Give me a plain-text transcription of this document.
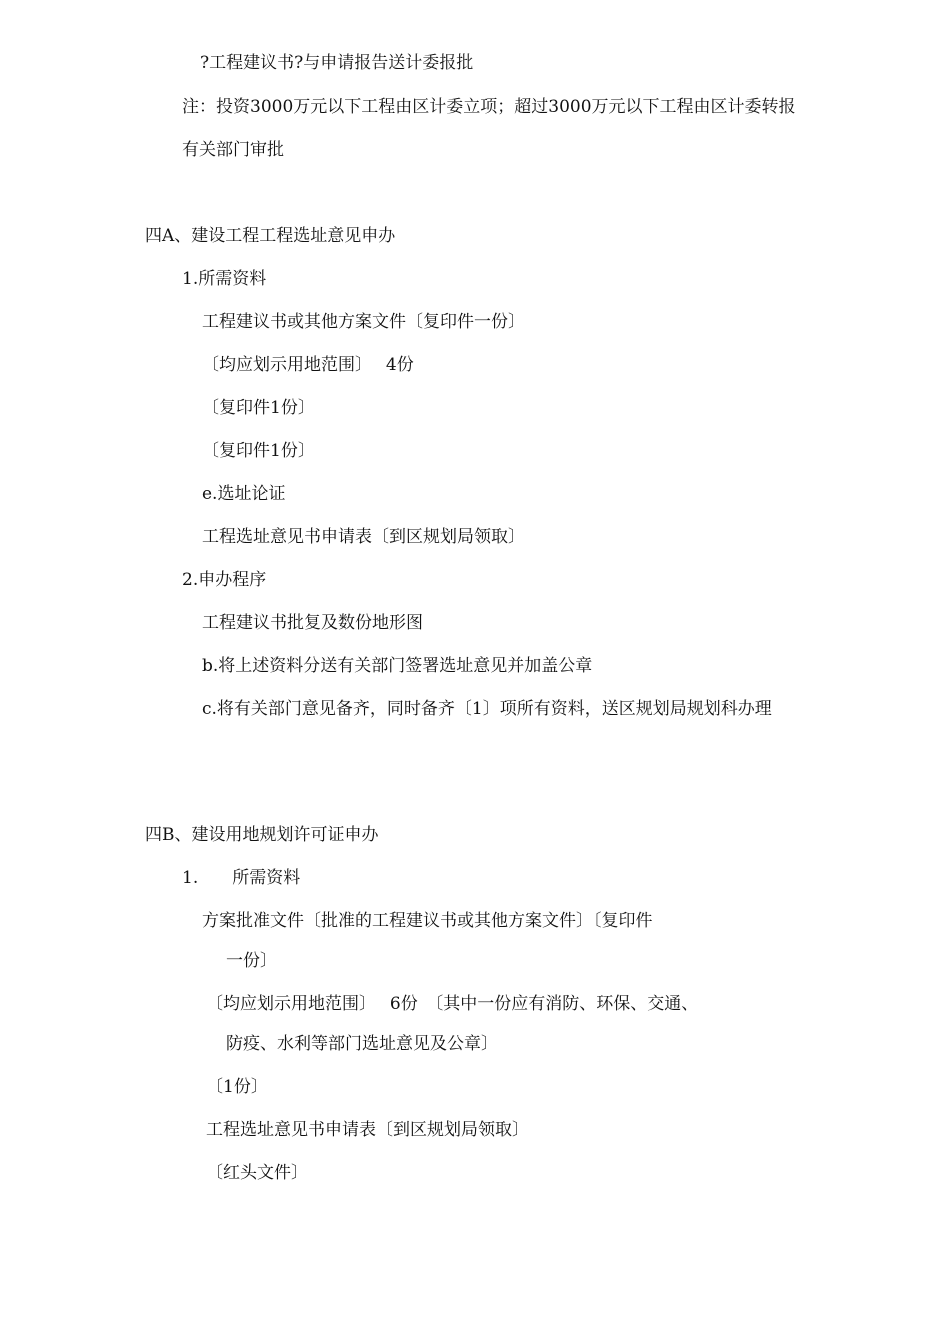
?工程建议书?与申请报告送计委报批
注：投资3000万元以下工程由区计委立项；超过3000万元以下工程由区计委转报
有关部门审批
四A、建设工程工程选址意见申办
1.所需资料
工程建议书或其他方案文件〔复印件一份〕
〔均应划示用地范围〕　 4份
〔复印件1份〕
〔复印件1份〕
e.选址论证
工程选址意见书申请表〔到区规划局领取〕
2.申办程序
工程建议书批复及数份地形图
b.将上述资料分送有关部门签署选址意见并加盖公章
c.将有关部门意见备齐，同时备齐〔1〕项所有资料，送区规划局规划科办理
四B、建设用地规划许可证申办
1.　　所需资料
方案批准文件〔批准的工程建议书或其他方案文件〕〔复印件
一份〕
〔均应划示用地范围〕　 6份　〔其中一份应有消防、环保、交通、
防疫、水利等部门选址意见及公章〕
〔1份〕
工程选址意见书申请表〔到区规划局领取〕
〔红头文件〕
